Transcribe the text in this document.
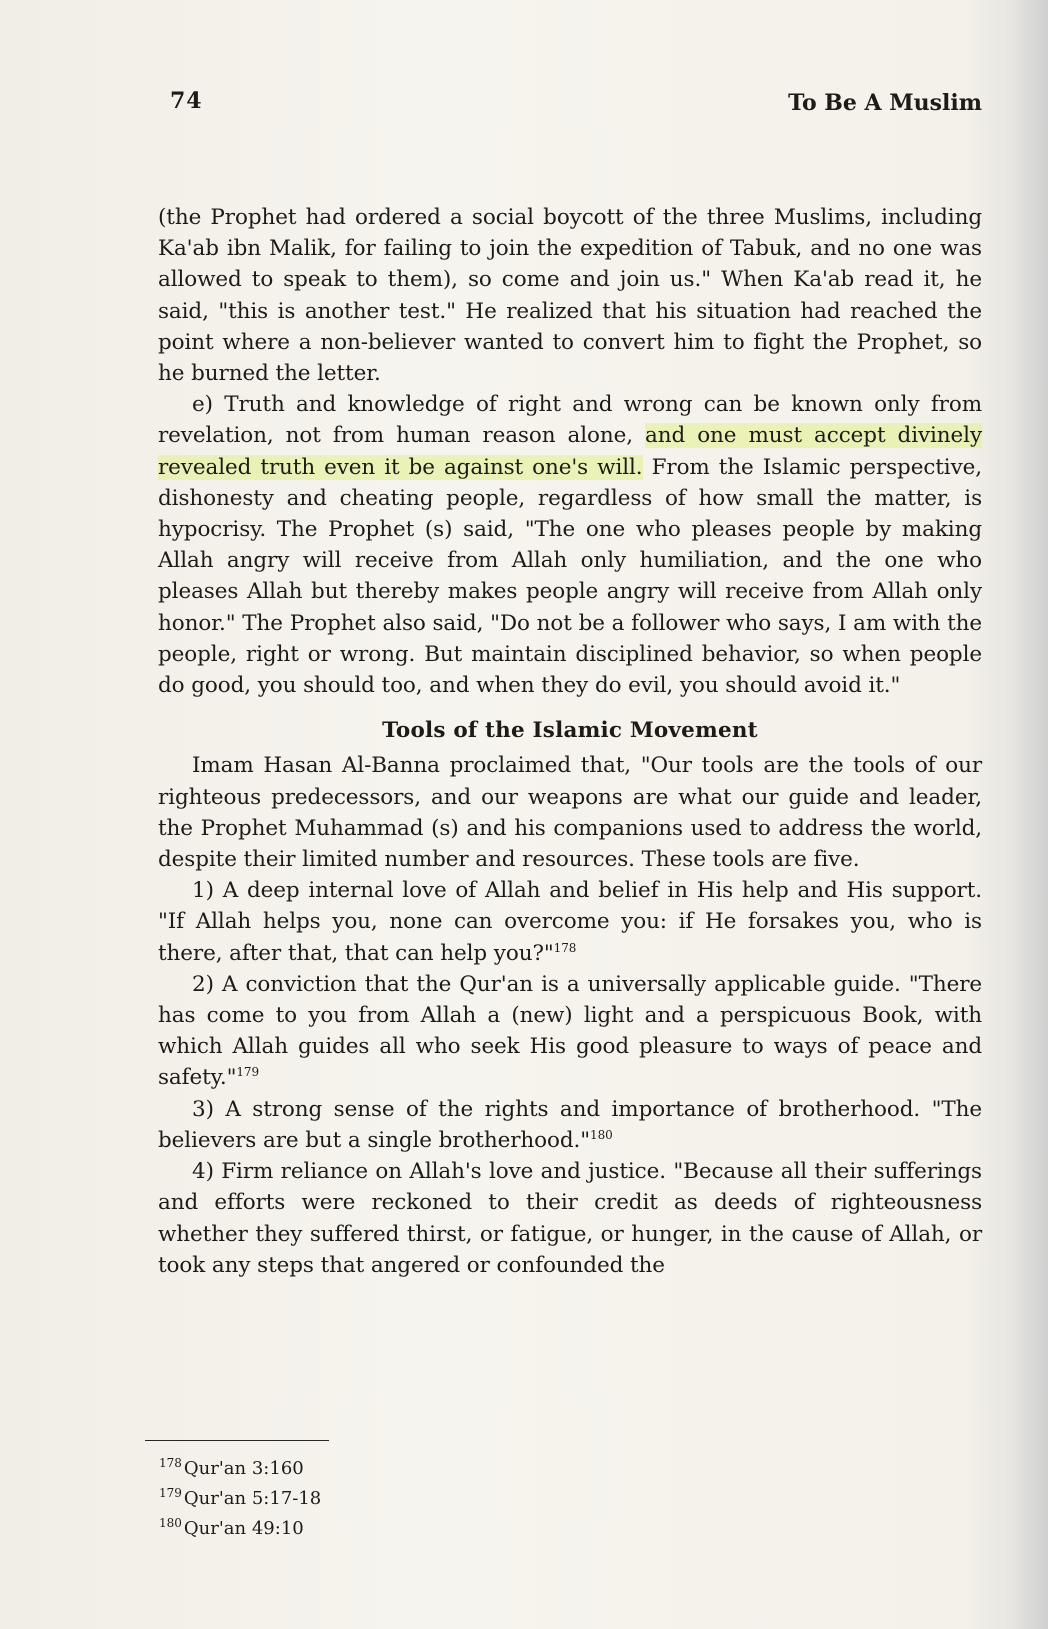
74	To Be A Muslim

(the Prophet had ordered a social boycott of the three Muslims, including Ka'ab ibn Malik, for failing to join the expedition of Tabuk, and no one was allowed to speak to them), so come and join us." When Ka'ab read it, he said, "this is another test." He realized that his situation had reached the point where a non-believer wanted to convert him to fight the Prophet, so he burned the letter.

e) Truth and knowledge of right and wrong can be known only from revelation, not from human reason alone, and one must accept divinely revealed truth even it be against one's will. From the Islamic perspective, dishonesty and cheating people, regardless of how small the matter, is hypocrisy. The Prophet (s) said, "The one who pleases people by making Allah angry will receive from Allah only humiliation, and the one who pleases Allah but thereby makes people angry will receive from Allah only honor." The Prophet also said, "Do not be a follower who says, I am with the people, right or wrong. But maintain disciplined behavior, so when people do good, you should too, and when they do evil, you should avoid it."

Tools of the Islamic Movement

Imam Hasan Al-Banna proclaimed that, "Our tools are the tools of our righteous predecessors, and our weapons are what our guide and leader, the Prophet Muhammad (s) and his companions used to address the world, despite their limited number and resources. These tools are five.

1) A deep internal love of Allah and belief in His help and His support. "If Allah helps you, none can overcome you: if He forsakes you, who is there, after that, that can help you?"$^{178}$

2) A conviction that the Qur'an is a universally applicable guide. "There has come to you from Allah a (new) light and a perspicuous Book, with which Allah guides all who seek His good pleasure to ways of peace and safety."$^{179}$

3) A strong sense of the rights and importance of brotherhood. "The believers are but a single brotherhood."$^{180}$

4) Firm reliance on Allah's love and justice. "Because all their sufferings and efforts were reckoned to their credit as deeds of righteousness whether they suffered thirst, or fatigue, or hunger, in the cause of Allah, or took any steps that angered or confounded the

$^{178}$ Qur'an 3:160
$^{179}$ Qur'an 5:17-18
$^{180}$ Qur'an 49:10
